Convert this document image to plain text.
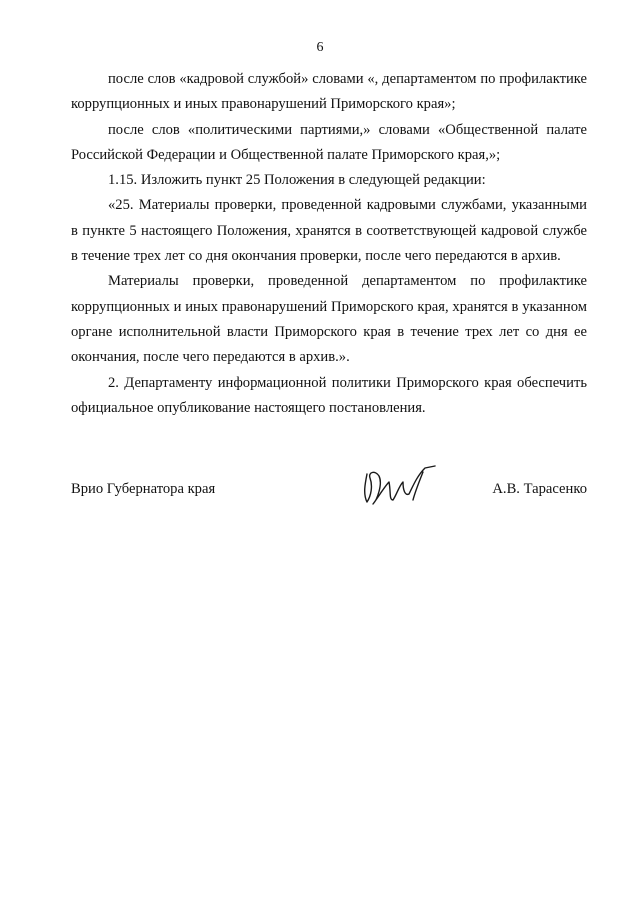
6

после слов «кадровой службой» словами «, департаментом по профилактике коррупционных и иных правонарушений Приморского края»;

после слов «политическими партиями,» словами «Общественной палате Российской Федерации и Общественной палате Приморского края,»;

1.15. Изложить пункт 25 Положения в следующей редакции:

«25. Материалы проверки, проведенной кадровыми службами, указанными в пункте 5 настоящего Положения, хранятся в соответствующей кадровой службе в течение трех лет со дня окончания проверки, после чего передаются в архив.

Материалы проверки, проведенной департаментом по профилактике коррупционных и иных правонарушений Приморского края, хранятся в указанном органе исполнительной власти Приморского края в течение трех лет со дня ее окончания, после чего передаются в архив.».

2. Департаменту информационной политики Приморского края обеспечить официальное опубликование настоящего постановления.

Врио Губернатора края	А.В. Тарасенко
